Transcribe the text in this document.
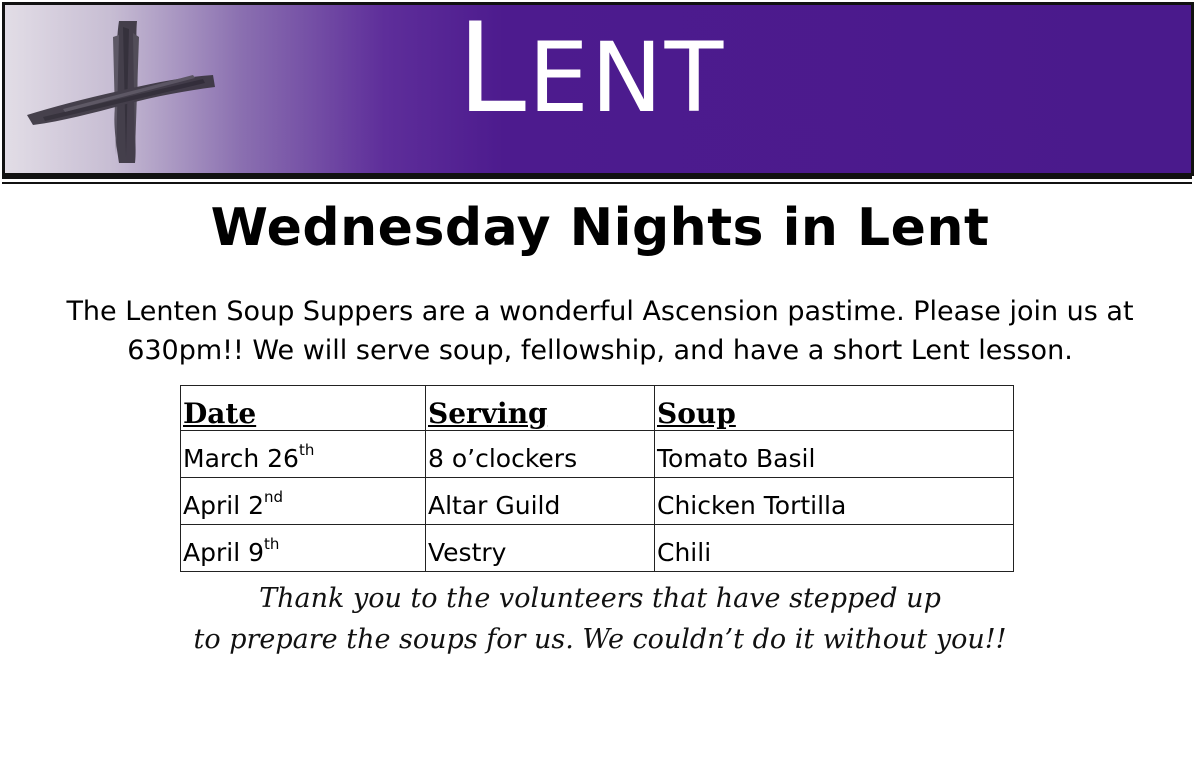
LENT
Wednesday Nights in Lent
The Lenten Soup Suppers are a wonderful Ascension pastime. Please join us at
630pm!! We will serve soup, fellowship, and have a short Lent lesson.
Date	Serving	Soup
March 26th	8 o’clockers	Tomato Basil
April 2nd	Altar Guild	Chicken Tortilla
April 9th	Vestry	Chili
Thank you to the volunteers that have stepped up
to prepare the soups for us. We couldn’t do it without you!!
